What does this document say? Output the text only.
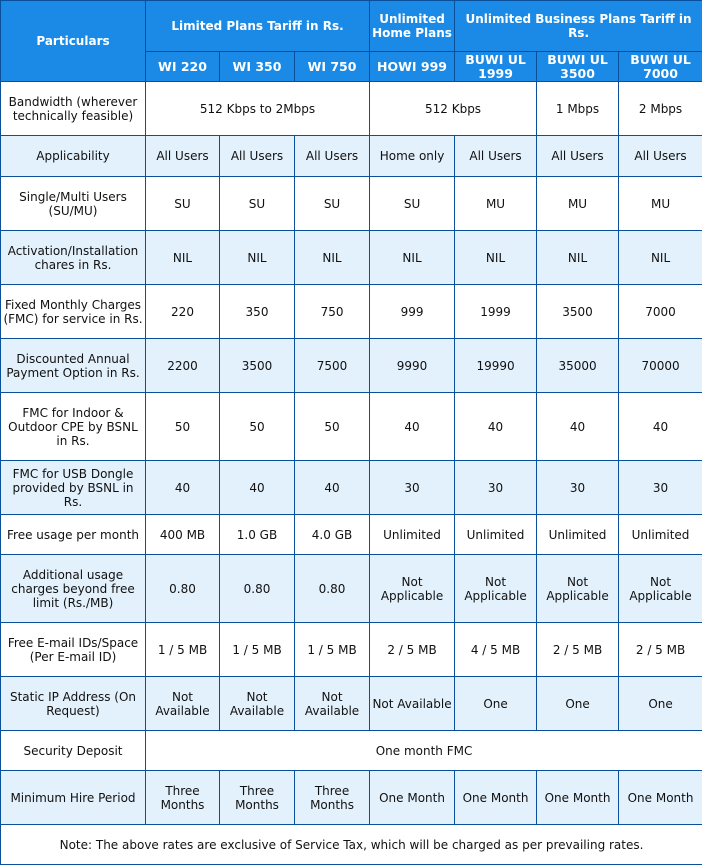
Particulars	Limited Plans Tariff in Rs.			Unlimited Home Plans	Unlimited Business Plans Tariff in Rs.		
	WI 220	WI 350	WI 750	HOWI 999	BUWI UL 1999	BUWI UL 3500	BUWI UL 7000
Bandwidth (wherever technically feasible)	512 Kbps to 2Mbps			512 Kbps		1 Mbps	2 Mbps
Applicability	All Users	All Users	All Users	Home only	All Users	All Users	All Users
Single/Multi Users (SU/MU)	SU	SU	SU	SU	MU	MU	MU
Activation/Installation chares in Rs.	NIL	NIL	NIL	NIL	NIL	NIL	NIL
Fixed Monthly Charges (FMC) for service in Rs.	220	350	750	999	1999	3500	7000
Discounted Annual Payment Option in Rs.	2200	3500	7500	9990	19990	35000	70000
FMC for Indoor & Outdoor CPE by BSNL in Rs.	50	50	50	40	40	40	40
FMC for USB Dongle provided by BSNL in Rs.	40	40	40	30	30	30	30
Free usage per month	400 MB	1.0 GB	4.0 GB	Unlimited	Unlimited	Unlimited	Unlimited
Additional usage charges beyond free limit (Rs./MB)	0.80	0.80	0.80	Not Applicable	Not Applicable	Not Applicable	Not Applicable
Free E-mail IDs/Space (Per E-mail ID)	1 / 5 MB	1 / 5 MB	1 / 5 MB	2 / 5 MB	4 / 5 MB	2 / 5 MB	2 / 5 MB
Static IP Address (On Request)	Not Available	Not Available	Not Available	Not Available	One	One	One
Security Deposit	One month FMC						
Minimum Hire Period	Three Months	Three Months	Three Months	One Month	One Month	One Month	One Month
Note: The above rates are exclusive of Service Tax, which will be charged as per prevailing rates.							
